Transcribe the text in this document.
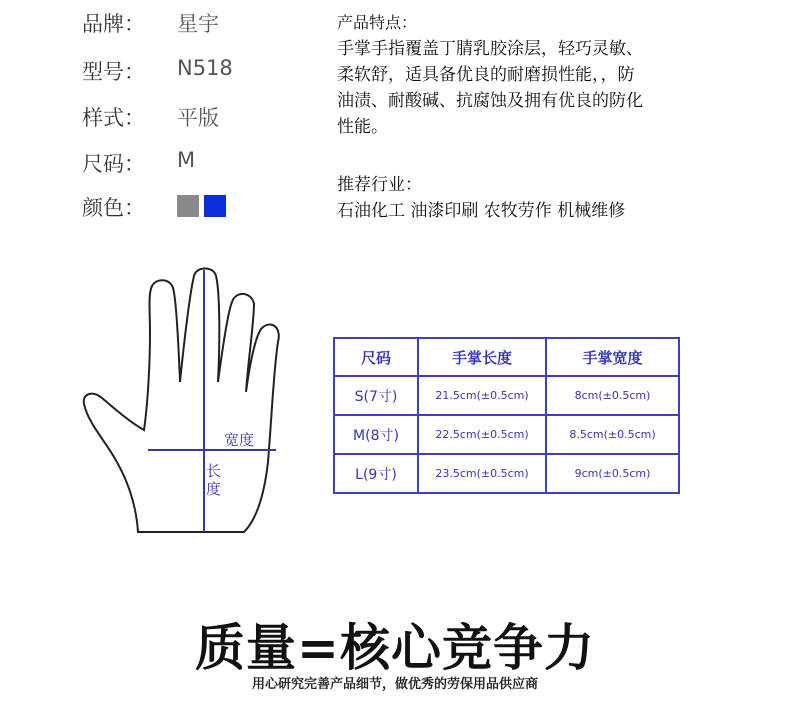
品牌：	星宇
型号：	N518
样式：	平版
尺码：	M
颜色：
产品特点：
手掌手指覆盖丁腈乳胶涂层，轻巧灵敏、
柔软舒，适具备优良的耐磨损性能，，防
油渍、耐酸碱、抗腐蚀及拥有优良的防化
性能。
推荐行业：
石油化工 油漆印刷 农牧劳作 机械维修
宽度
长
度
尺码	手掌长度	手掌宽度
S(7寸)	21.5cm(±0.5cm)	8cm(±0.5cm)
M(8寸)	22.5cm(±0.5cm)	8.5cm(±0.5cm)
L(9寸)	23.5cm(±0.5cm)	9cm(±0.5cm)
质量=核心竞争力
用心研究完善产品细节，做优秀的劳保用品供应商
